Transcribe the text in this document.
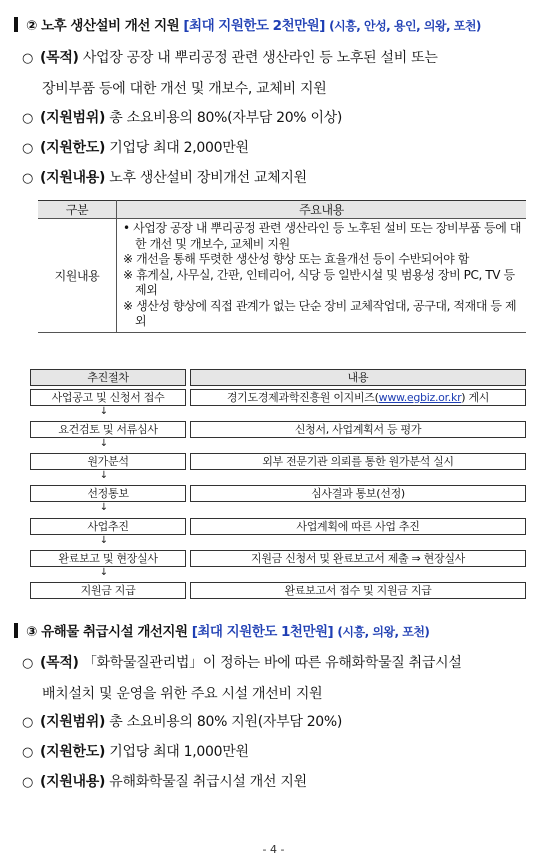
② 노후 생산설비 개선 지원 [최대 지원한도 2천만원] (시흥, 안성, 용인, 의왕, 포천)
○ (목적) 사업장 공장 내 뿌리공정 관련 생산라인 등 노후된 설비 또는
장비부품 등에 대한 개선 및 개보수, 교체비 지원
○ (지원범위) 총 소요비용의 80%(자부담 20% 이상)
○ (지원한도) 기업당 최대 2,000만원
○ (지원내용) 노후 생산설비 장비개선 교체지원
구분	주요내용
지원내용	• 사업장 공장 내 뿌리공정 관련 생산라인 등 노후된 설비 또는 장비부품 등에 대한 개선 및 개보수, 교체비 지원
※ 개선을 통해 뚜렷한 생산성 향상 또는 효율개선 등이 수반되어야 함
※ 휴게실, 사무실, 간판, 인테리어, 식당 등 일반시설 및 범용성 장비 PC, TV 등 제외
※ 생산성 향상에 직접 관계가 없는 단순 장비 교체작업대, 공구대, 적재대 등 제외
추진절차	내용
사업공고 및 신청서 접수	경기도경제과학진흥원 이지비즈(www.egbiz.or.kr) 게시
↓
요건검토 및 서류심사	신청서, 사업계획서 등 평가
↓
원가분석	외부 전문기관 의뢰를 통한 원가분석 실시
↓
선정통보	심사결과 통보(선정)
↓
사업추진	사업계획에 따른 사업 추진
↓
완료보고 및 현장실사	지원금 신청서 및 완료보고서 제출 ⇒ 현장실사
↓
지원금 지급	완료보고서 접수 및 지원금 지급
③ 유해물 취급시설 개선지원 [최대 지원한도 1천만원] (시흥, 의왕, 포천)
○ (목적) 「화학물질관리법」이 정하는 바에 따른 유해화학물질 취급시설
배치설치 및 운영을 위한 주요 시설 개선비 지원
○ (지원범위) 총 소요비용의 80% 지원(자부담 20%)
○ (지원한도) 기업당 최대 1,000만원
○ (지원내용) 유해화학물질 취급시설 개선 지원
- 4 -
